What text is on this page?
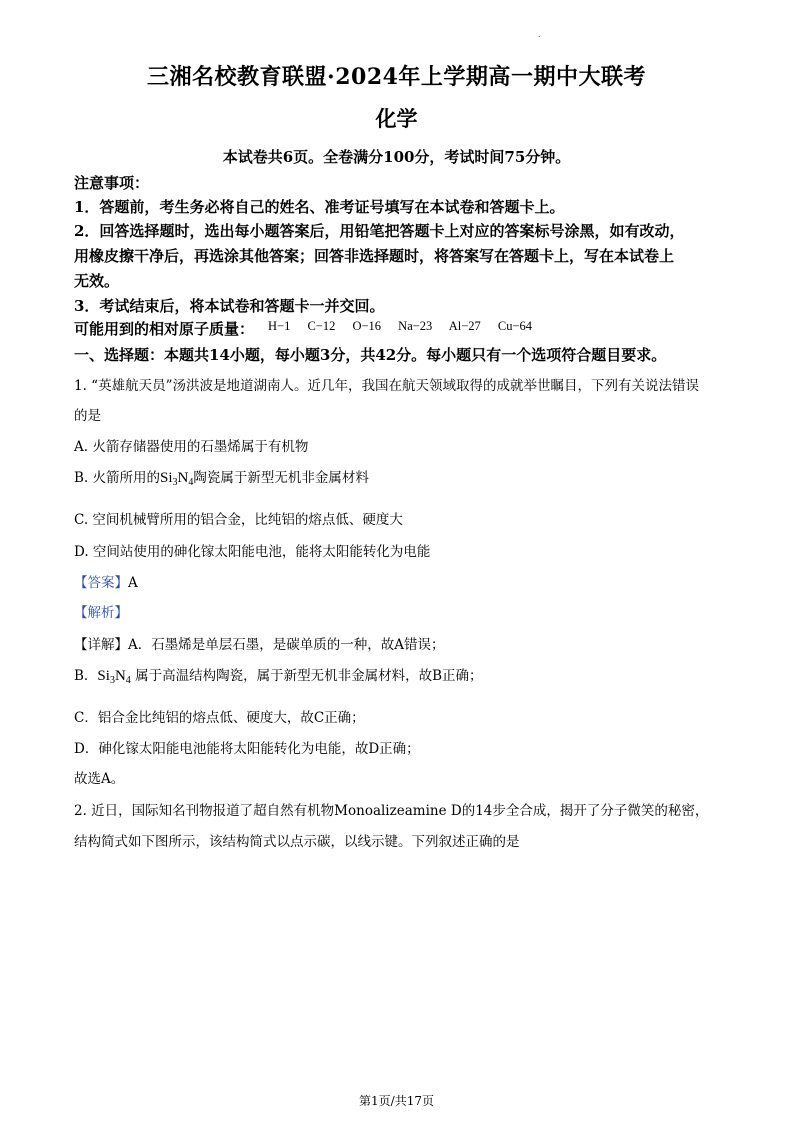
.
三湘名校教育联盟·2024年上学期高一期中大联考
化学
本试卷共6页。全卷满分100分，考试时间75分钟。
注意事项：
1．答题前，考生务必将自己的姓名、准考证号填写在本试卷和答题卡上。
2．回答选择题时，选出每小题答案后，用铅笔把答题卡上对应的答案标号涂黑，如有改动，
用橡皮擦干净后，再选涂其他答案；回答非选择题时，将答案写在答题卡上，写在本试卷上
无效。
3．考试结束后，将本试卷和答题卡一并交回。
可能用到的相对原子质量： H−1 C−12 O−16 Na−23 Al−27 Cu−64
一、选择题：本题共14小题，每小题3分，共42分。每小题只有一个选项符合题目要求。
1. “英雄航天员”汤洪波是地道湖南人。近几年，我国在航天领域取得的成就举世瞩目，下列有关说法错误
的是
A. 火箭存储器使用的石墨烯属于有机物
B. 火箭所用的$Si_3N_4$陶瓷属于新型无机非金属材料
C. 空间机械臂所用的铝合金，比纯铝的熔点低、硬度大
D. 空间站使用的砷化镓太阳能电池，能将太阳能转化为电能
【答案】A
【解析】
【详解】A．石墨烯是单层石墨，是碳单质的一种，故A错误；
B．$Si_3N_4$ 属于高温结构陶瓷，属于新型无机非金属材料，故B正确；
C．铝合金比纯铝的熔点低、硬度大，故C正确；
D．砷化镓太阳能电池能将太阳能转化为电能，故D正确；
故选A。
2. 近日，国际知名刊物报道了超自然有机物Monoalizeamine D的14步全合成，揭开了分子微笑的秘密，
结构简式如下图所示，该结构简式以点示碳，以线示键。下列叙述正确的是
第1页/共17页
